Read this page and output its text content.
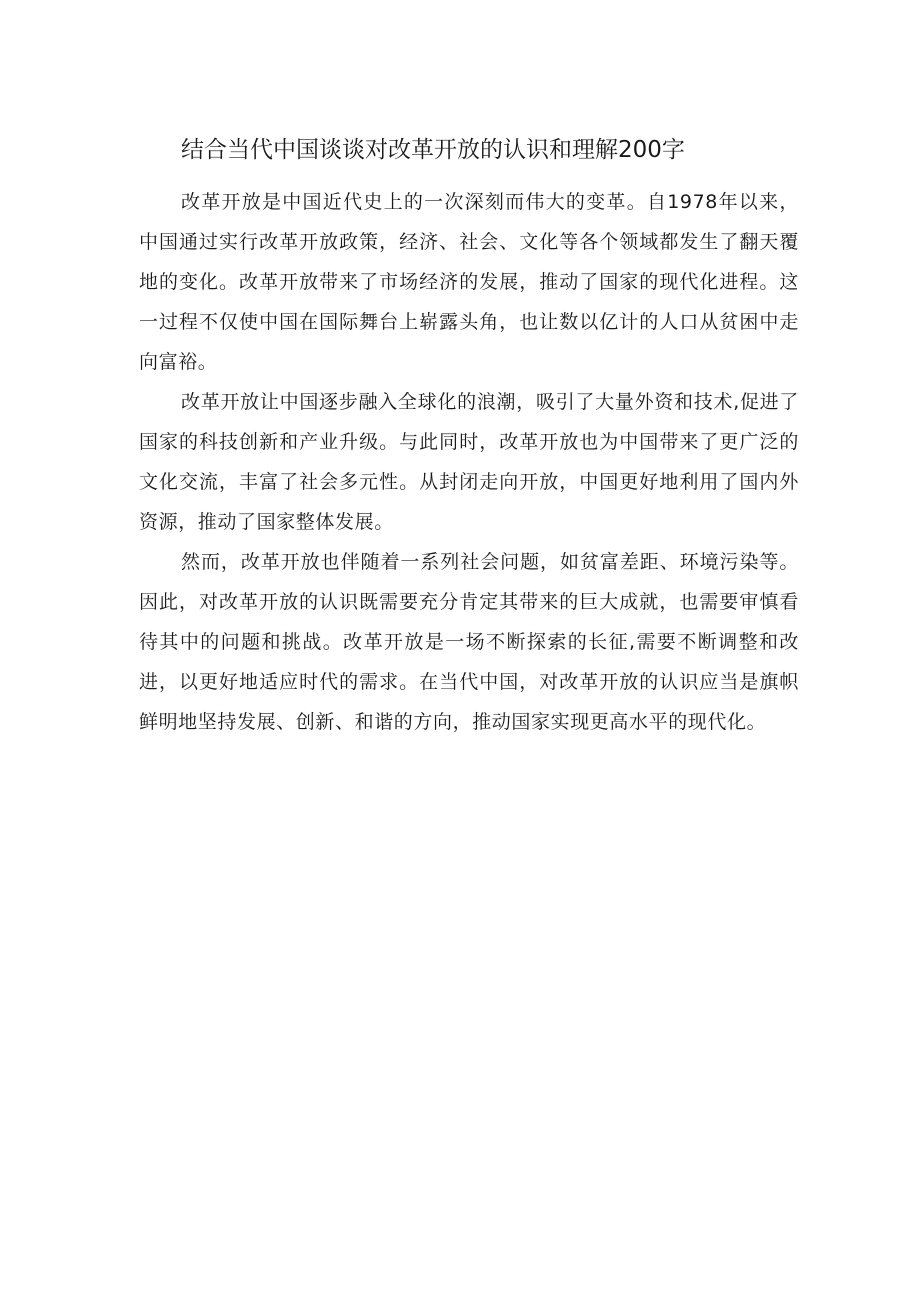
结合当代中国谈谈对改革开放的认识和理解200字

改革开放是中国近代史上的一次深刻而伟大的变革。自1978年以来，中国通过实行改革开放政策，经济、社会、文化等各个领域都发生了翻天覆地的变化。改革开放带来了市场经济的发展，推动了国家的现代化进程。这一过程不仅使中国在国际舞台上崭露头角，也让数以亿计的人口从贫困中走向富裕。

改革开放让中国逐步融入全球化的浪潮，吸引了大量外资和技术,促进了国家的科技创新和产业升级。与此同时，改革开放也为中国带来了更广泛的文化交流，丰富了社会多元性。从封闭走向开放，中国更好地利用了国内外资源，推动了国家整体发展。

然而，改革开放也伴随着一系列社会问题，如贫富差距、环境污染等。因此，对改革开放的认识既需要充分肯定其带来的巨大成就，也需要审慎看待其中的问题和挑战。改革开放是一场不断探索的长征,需要不断调整和改进，以更好地适应时代的需求。在当代中国，对改革开放的认识应当是旗帜鲜明地坚持发展、创新、和谐的方向，推动国家实现更高水平的现代化。
